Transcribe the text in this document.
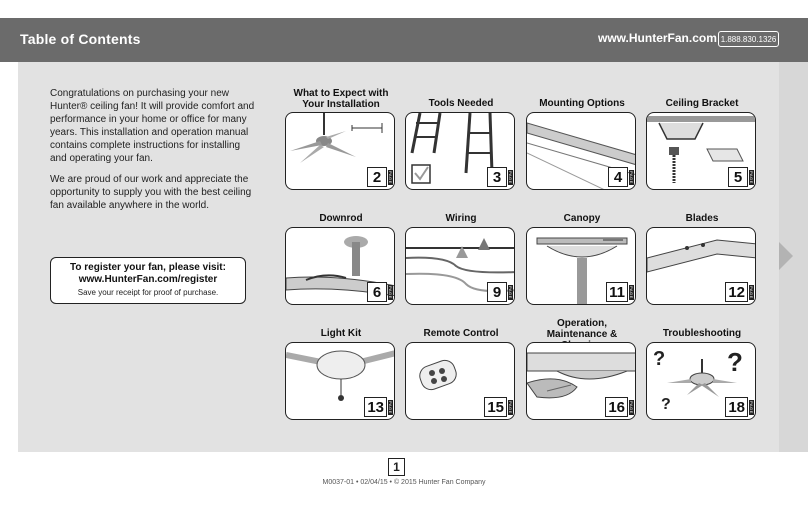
Table of Contents	www.HunterFan.com 1.888.830.1326

Congratulations on purchasing your new Hunter® ceiling fan! It will provide comfort and performance in your home or office for many years. This installation and operation manual contains complete instructions for installing and operating your fan.

We are proud of our work and appreciate the opportunity to supply you with the best ceiling fan available anywhere in the world.

To register your fan, please visit:
www.HunterFan.com/register
Save your receipt for proof of purchase.
What to Expect with Your Installation
2	PAGE
Tools Needed
3	PAGE
Mounting Options
4	PAGE
Ceiling Bracket
5	PAGE
Downrod
6	PAGE
Wiring
9	PAGE
Canopy
11	PAGE
Blades
12	PAGE
Light Kit
13	PAGE
Remote Control
15	PAGE
Operation, Maintenance &
16	PAGE
Troubleshooting
? ?
?	18	PAGE
1
M0037-01 • 02/04/15 • © 2015 Hunter Fan Company
